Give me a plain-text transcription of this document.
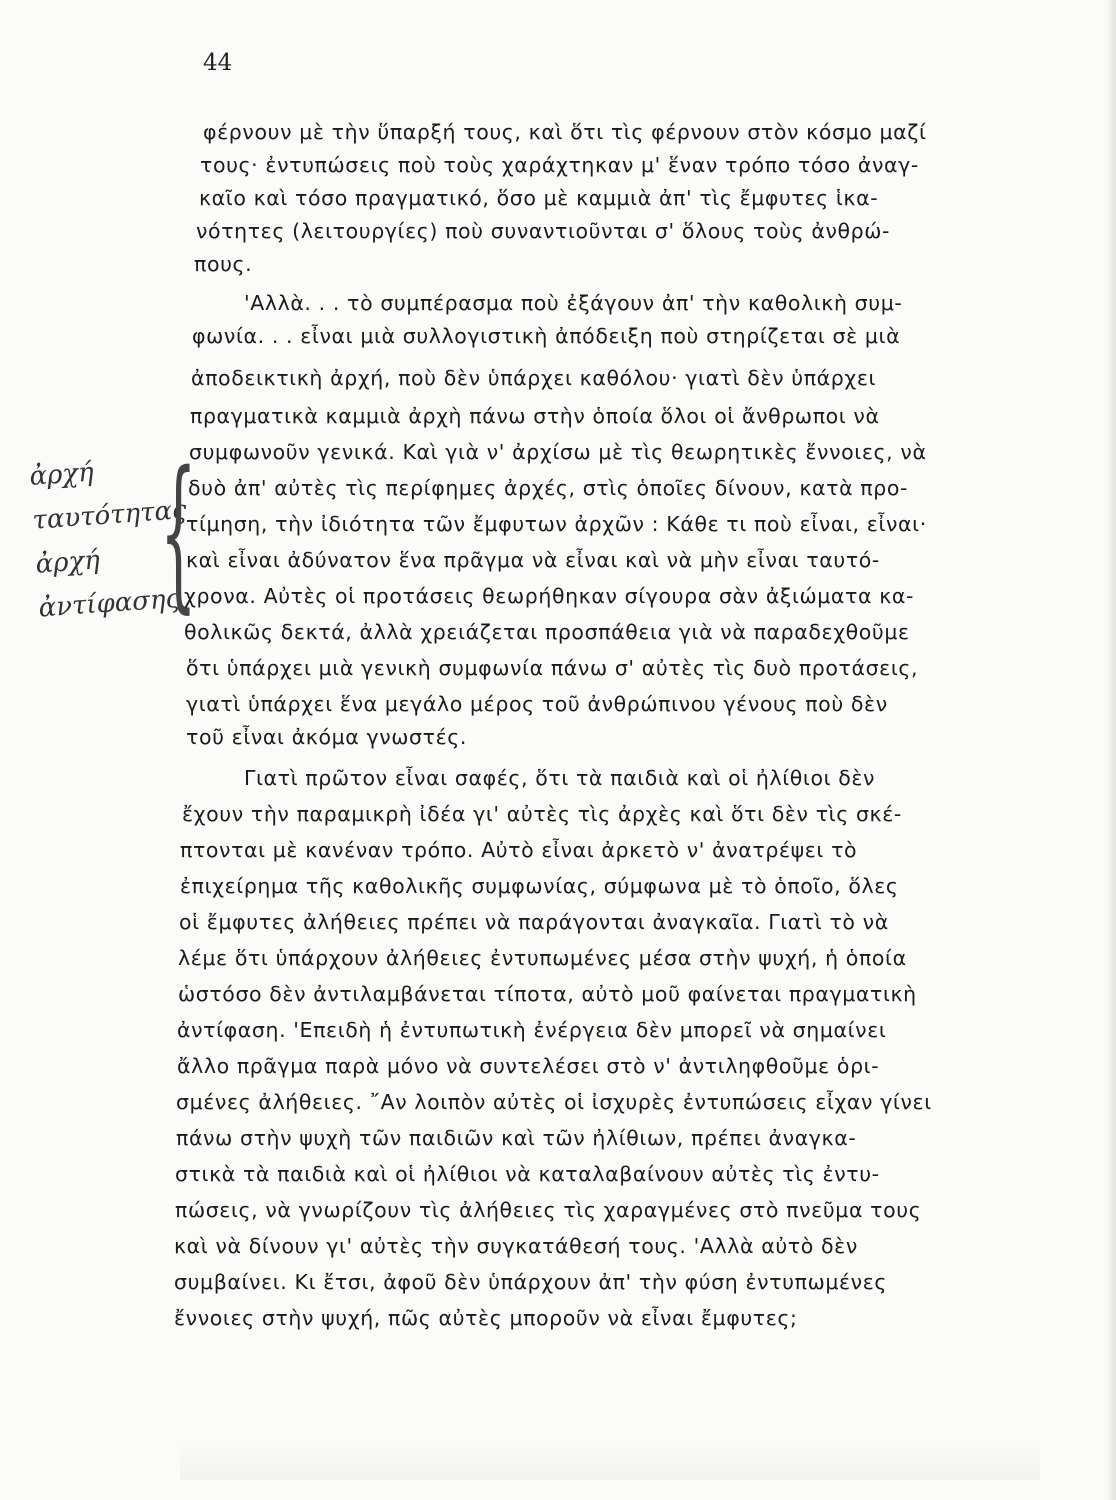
44
ἀρχή
ταυτότητας
ἀρχή
ἀντίφασης
{
φέρνουν μὲ τὴν ὕπαρξή τους, καὶ ὅτι τὶς φέρνουν στὸν κόσμο μαζί
τους· ἐντυπώσεις ποὺ τοὺς χαράχτηκαν μ' ἕναν τρόπο τόσο ἀναγ-
καῖο καὶ τόσο πραγματικό, ὅσο μὲ καμμιὰ ἀπ' τὶς ἔμφυτες ἱκα-
νότητες (λειτουργίες) ποὺ συναντιοῦνται σ' ὅλους τοὺς ἀνθρώ-
πους.
'Αλλὰ. . . τὸ συμπέρασμα ποὺ ἐξάγουν ἀπ' τὴν καθολικὴ συμ-
φωνία. . . εἶναι μιὰ συλλογιστικὴ ἀπόδειξη ποὺ στηρίζεται σὲ μιὰ
ἀποδεικτικὴ ἀρχή, ποὺ δὲν ὑπάρχει καθόλου· γιατὶ δὲν ὑπάρχει
πραγματικὰ καμμιὰ ἀρχὴ πάνω στὴν ὁποία ὅλοι οἱ ἄνθρωποι νὰ
συμφωνοῦν γενικά. Καὶ γιὰ ν' ἀρχίσω μὲ τὶς θεωρητικὲς ἔννοιες, νὰ
δυὸ ἀπ' αὐτὲς τὶς περίφημες ἀρχές, στὶς ὁποῖες δίνουν, κατὰ προ-
τίμηση, τὴν ἰδιότητα τῶν ἔμφυτων ἀρχῶν : Κάθε τι ποὺ εἶναι, εἶναι·
καὶ εἶναι ἀδύνατον ἕνα πρᾶγμα νὰ εἶναι καὶ νὰ μὴν εἶναι ταυτό-
χρονα. Αὐτὲς οἱ προτάσεις θεωρήθηκαν σίγουρα σὰν ἀξιώματα κα-
θολικῶς δεκτά, ἀλλὰ χρειάζεται προσπάθεια γιὰ νὰ παραδεχθοῦμε
ὅτι ὑπάρχει μιὰ γενικὴ συμφωνία πάνω σ' αὐτὲς τὶς δυὸ προτάσεις,
γιατὶ ὑπάρχει ἕνα μεγάλο μέρος τοῦ ἀνθρώπινου γένους ποὺ δὲν
τοῦ εἶναι ἀκόμα γνωστές.
Γιατὶ πρῶτον εἶναι σαφές, ὅτι τὰ παιδιὰ καὶ οἱ ἠλίθιοι δὲν
ἔχουν τὴν παραμικρὴ ἰδέα γι' αὐτὲς τὶς ἀρχὲς καὶ ὅτι δὲν τὶς σκέ-
πτονται μὲ κανέναν τρόπο. Αὐτὸ εἶναι ἀρκετὸ ν' ἀνατρέψει τὸ
ἐπιχείρημα τῆς καθολικῆς συμφωνίας, σύμφωνα μὲ τὸ ὁποῖο, ὅλες
οἱ ἔμφυτες ἀλήθειες πρέπει νὰ παράγονται ἀναγκαῖα. Γιατὶ τὸ νὰ
λέμε ὅτι ὑπάρχουν ἀλήθειες ἐντυπωμένες μέσα στὴν ψυχή, ἡ ὁποία
ὡστόσο δὲν ἀντιλαμβάνεται τίποτα, αὐτὸ μοῦ φαίνεται πραγματικὴ
ἀντίφαση. 'Επειδὴ ἡ ἐντυπωτικὴ ἐνέργεια δὲν μπορεῖ νὰ σημαίνει
ἄλλο πρᾶγμα παρὰ μόνο νὰ συντελέσει στὸ ν' ἀντιληφθοῦμε ὁρι-
σμένες ἀλήθειες. ῎Αν λοιπὸν αὐτὲς οἱ ἰσχυρὲς ἐντυπώσεις εἶχαν γίνει
πάνω στὴν ψυχὴ τῶν παιδιῶν καὶ τῶν ἠλίθιων, πρέπει ἀναγκα-
στικὰ τὰ παιδιὰ καὶ οἱ ἠλίθιοι νὰ καταλαβαίνουν αὐτὲς τὶς ἐντυ-
πώσεις, νὰ γνωρίζουν τὶς ἀλήθειες τὶς χαραγμένες στὸ πνεῦμα τους
καὶ νὰ δίνουν γι' αὐτὲς τὴν συγκατάθεσή τους. 'Αλλὰ αὐτὸ δὲν
συμβαίνει. Κι ἔτσι, ἀφοῦ δὲν ὑπάρχουν ἀπ' τὴν φύση ἐντυπωμένες
ἔννοιες στὴν ψυχή, πῶς αὐτὲς μποροῦν νὰ εἶναι ἔμφυτες;
